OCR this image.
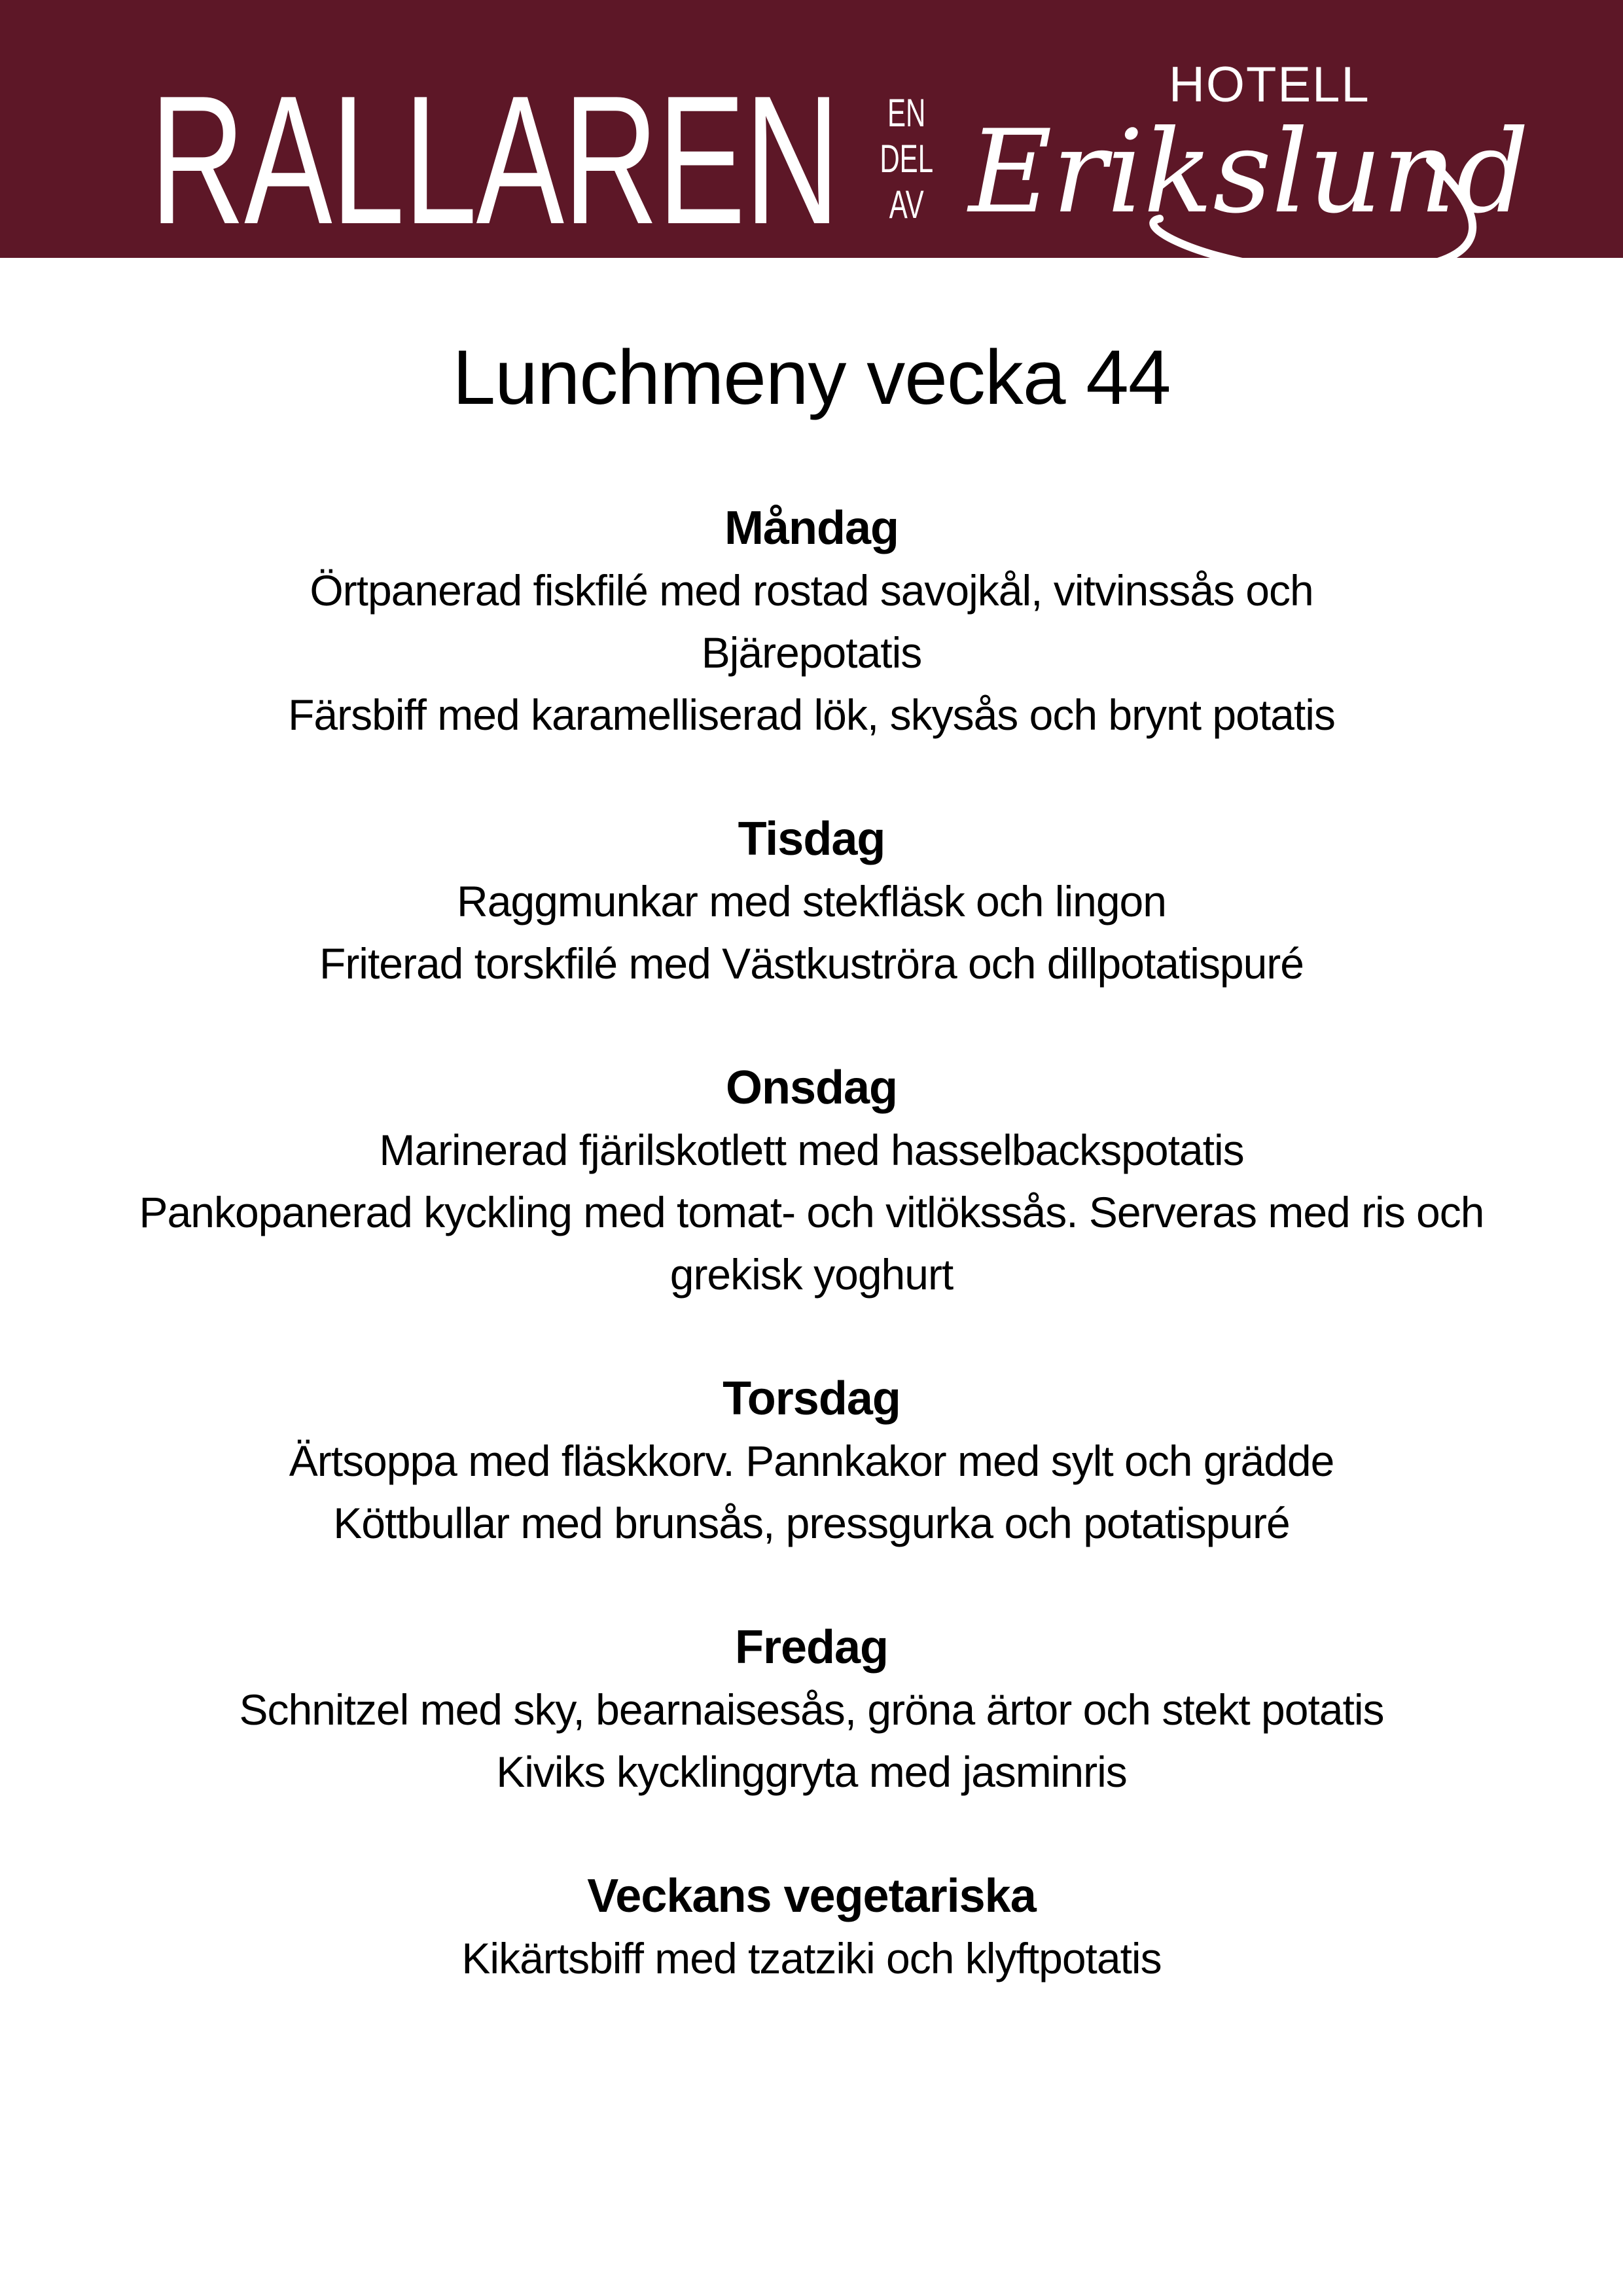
RALLAREN	EN
DEL
AV
HOTELL
Erikslund
Lunchmeny vecka 44
Måndag

Örtpanerad fiskfilé med rostad savojkål, vitvinssås och

Bjärepotatis

Färsbiff med karamelliserad lök, skysås och brynt potatis

Tisdag

Raggmunkar med stekfläsk och lingon

Friterad torskfilé med Västkuströra och dillpotatispuré

Onsdag

Marinerad fjärilskotlett med hasselbackspotatis

Pankopanerad kyckling med tomat- och vitlökssås. Serveras med ris och

grekisk yoghurt

Torsdag

Ärtsoppa med fläskkorv. Pannkakor med sylt och grädde

Köttbullar med brunsås, pressgurka och potatispuré

Fredag

Schnitzel med sky, bearnaisesås, gröna ärtor och stekt potatis

Kiviks kycklinggryta med jasminris

Veckans vegetariska

Kikärtsbiff med tzatziki och klyftpotatis
